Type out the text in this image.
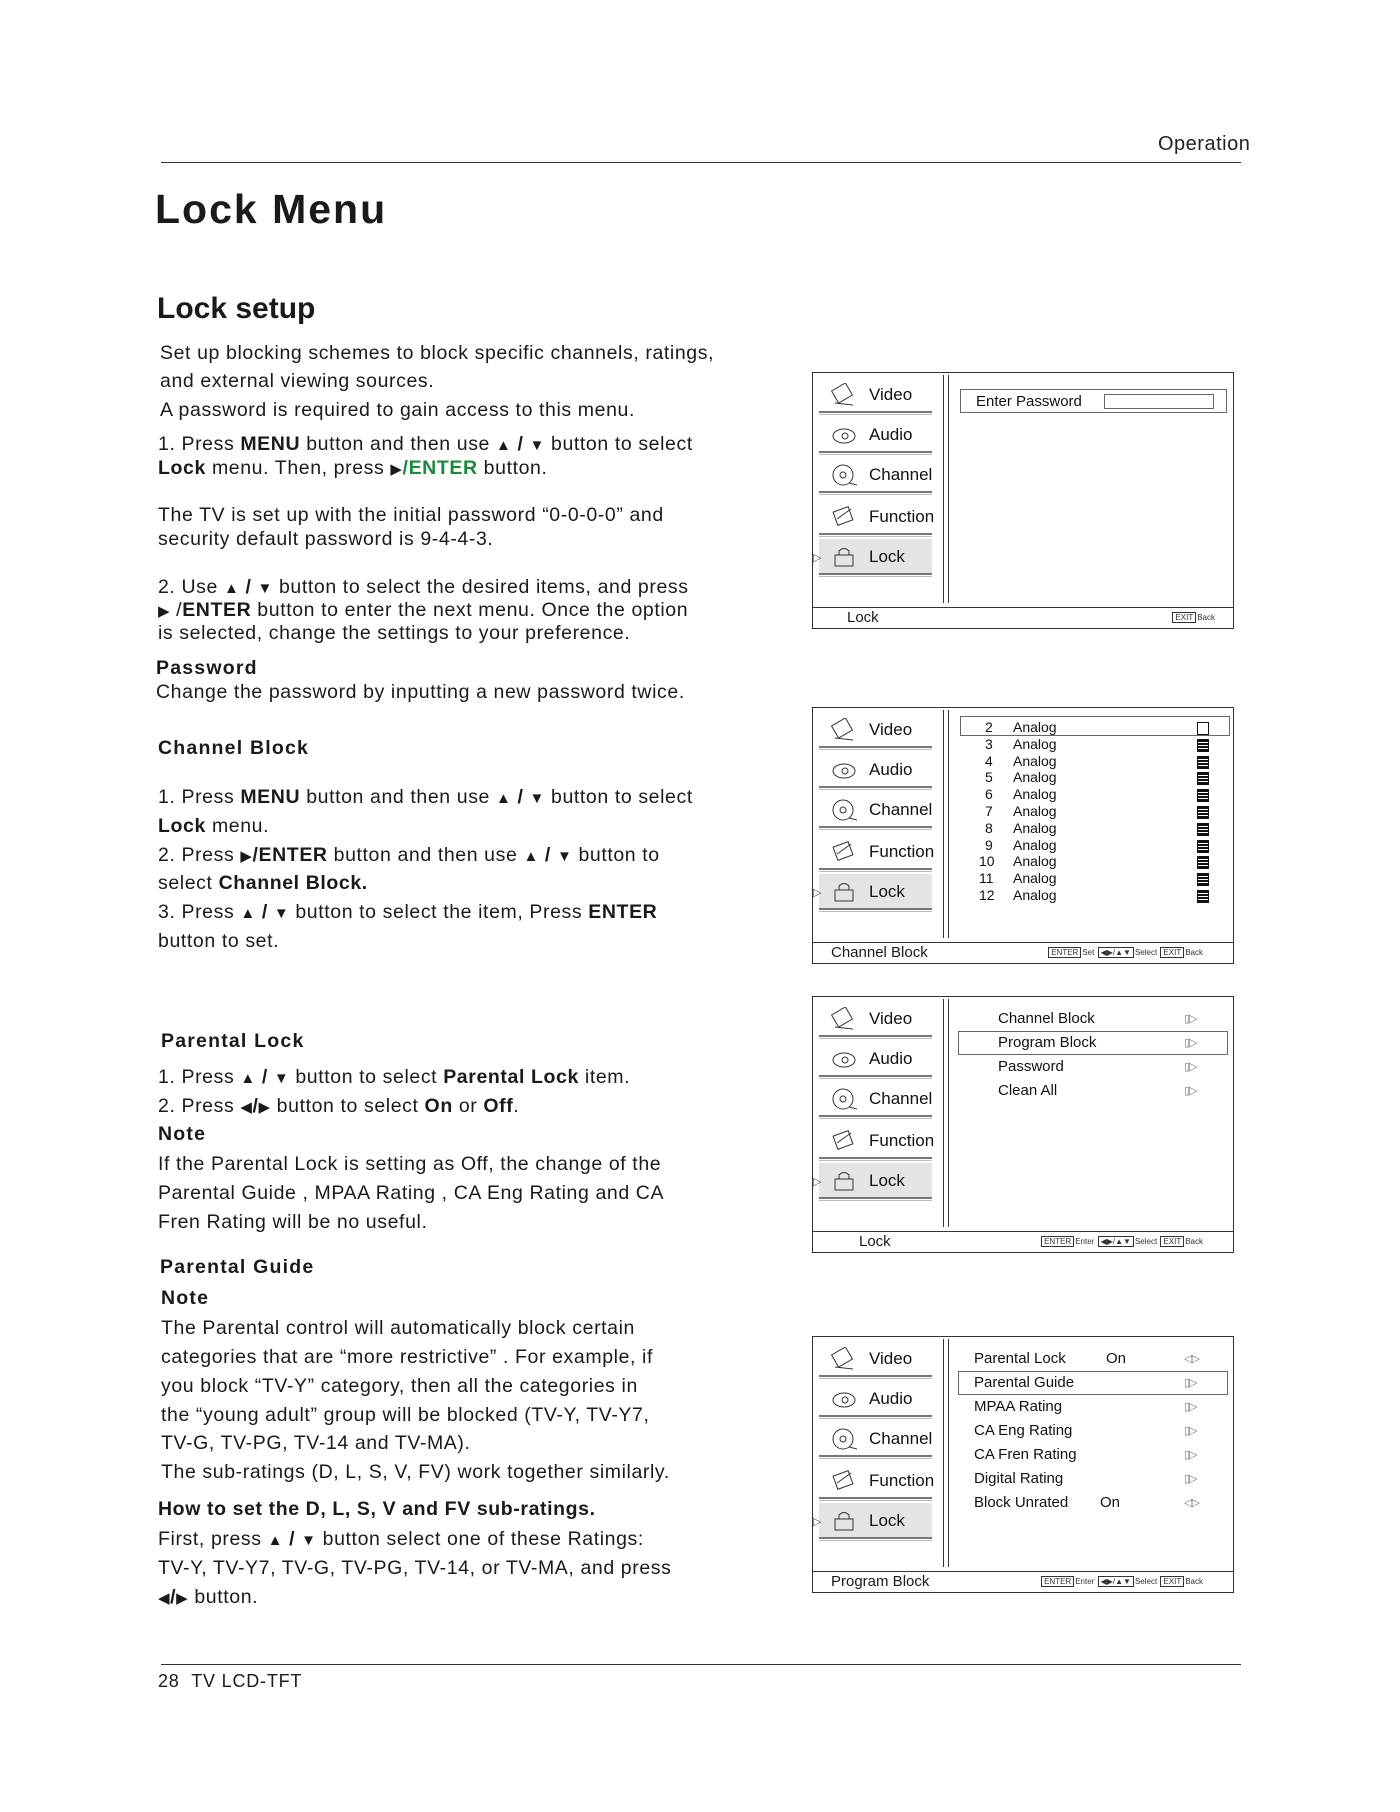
Operation
Lock Menu
Lock setup
Set up blocking schemes to block specific channels, ratings,
and external viewing sources.
A password is required to gain access to this menu.
1. Press MENU button and then use ▲ / ▼ button to select
Lock menu. Then, press ▶/ENTER button.
The TV is set up with the initial password “0-0-0-0” and
security default password is 9-4-4-3.
2. Use ▲ / ▼ button to select the desired items, and press
▶ /ENTER button to enter the next menu. Once the option
is selected, change the settings to your preference.
Password
Change the password by inputting a new password twice.
Channel Block
1. Press MENU button and then use ▲ / ▼ button to select
Lock menu.
2. Press ▶/ENTER button and then use ▲ / ▼ button to
select Channel Block.
3. Press ▲ / ▼ button to select the item, Press ENTER
button to set.
Parental Lock
1. Press ▲ / ▼ button to select Parental Lock item.
2. Press ◀/▶ button to select On or Off.
Note
If the Parental Lock is setting as Off, the change of the
Parental Guide , MPAA Rating , CA Eng Rating and CA
Fren Rating will be no useful.
Parental Guide
Note
The Parental control will automatically block certain
categories that are “more restrictive” . For example, if
you block “TV-Y” category, then all the categories in
the “young adult” group will be blocked (TV-Y, TV-Y7,
TV-G, TV-PG, TV-14 and TV-MA).
The sub-ratings (D, L, S, V, FV) work together similarly.
How to set the D, L, S, V and FV sub-ratings.
First, press ▲ / ▼ button select one of these Ratings:
TV-Y, TV-Y7, TV-G, TV-PG, TV-14, or TV-MA, and press
◀/▶ button.
Video
Audio
Channel
Function
▷	Lock
Enter Password
Lock	EXIT Back
Video
Audio
Channel
Function
▷	Lock
2 Analog
3 Analog
4 Analog
5 Analog
6 Analog
7 Analog
8 Analog
9 Analog
10 Analog
11 Analog
12 Analog
Channel Block	ENTER Set ◀▶/▲▼ Select EXIT Back
Video
Audio
Channel
Function
▷	Lock
Channel Block
Program Block
Password
Clean All
▯▷
▯▷
▯▷
▯▷
Lock	ENTER Enter ◀▶/▲▼ Select EXIT Back
Video
Audio
Channel
Function
▷	Lock
Parental Lock	On	◁▷
Parental Guide	▯▷
MPAA Rating	▯▷
CA Eng Rating	▯▷
CA Fren Rating	▯▷
Digital Rating	▯▷
Block Unrated On	◁▷
Program Block	ENTER Enter ◀▶/▲▼ Select EXIT Back
28 TV LCD-TFT
